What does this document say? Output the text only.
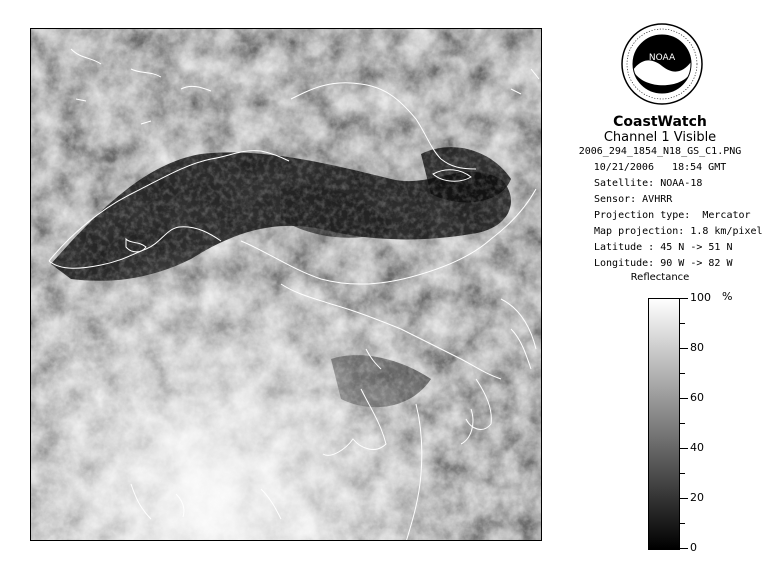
NOAA
CoastWatch
Channel 1 Visible
2006_294_1854_N18_GS_C1.PNG
10/21/2006 18:54 GMT
Satellite: NOAA-18
Sensor: AVHRR
Projection type:  Mercator
Map projection: 1.8 km/pixel
Latitude : 45 N -> 51 N
Longitude: 90 W -> 82 W
Reflectance
%
100
80
60
40
20
0
